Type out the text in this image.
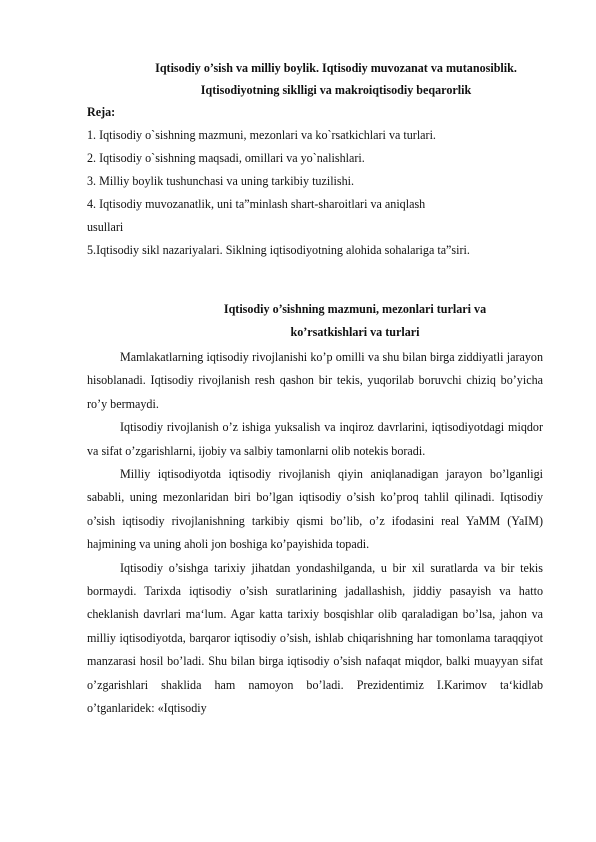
Iqtisodiy o’sish va milliy boylik. Iqtisodiy muvozanat va mutanosiblik.
Iqtisodiyotning siklligi va makroiqtisodiy beqarorlik
Reja:
1. Iqtisodiy o`sishning mazmuni, mezonlari va ko`rsatkichlari va turlari.
2. Iqtisodiy o`sishning maqsadi, omillari va yo`nalishlari.
3. Milliy boylik tushunchasi va uning tarkibiy tuzilishi.
4. Iqtisodiy muvozanatlik, uni ta”minlash shart-sharoitlari va aniqlash
usullari
5.Iqtisodiy sikl nazariyalari. Siklning iqtisodiyotning alohida sohalariga ta”siri.
Iqtisodiy o’sishning mazmuni, mezonlari turlari va
ko’rsatkishlari va turlari

Mamlakatlarning iqtisodiy rivojlanishi ko’p omilli va shu bilan birga ziddiyatli jarayon hisoblanadi. Iqtisodiy rivojlanish resh qashon bir tekis, yuqorilab boruvchi chiziq bo’yicha ro’y bermaydi.

Iqtisodiy rivojlanish o’z ishiga yuksalish va inqiroz davrlarini, iqtisodiyotdagi miqdor va sifat o’zgarishlarni, ijobiy va salbiy tamonlarni olib notekis boradi.

Milliy iqtisodiyotda iqtisodiy rivojlanish qiyin aniqlanadigan jarayon bo’lganligi sababli, uning mezonlaridan biri bo’lgan iqtisodiy o’sish ko’proq tahlil qilinadi. Iqtisodiy o’sish iqtisodiy rivojlanishning tarkibiy qismi bo’lib, o’z ifodasini real YaMM (YaIM) hajmining va uning aholi jon boshiga ko’payishida topadi.

Iqtisodiy o’sishga tarixiy jihatdan yondashilganda, u bir xil suratlarda va bir tekis bormaydi. Tarixda iqtisodiy o’sish suratlarining jadallashish, jiddiy pasayish va hatto cheklanish davrlari ma‘lum. Agar katta tarixiy bosqishlar olib qaraladigan bo’lsa, jahon va milliy iqtisodiyotda, barqaror iqtisodiy o’sish, ishlab chiqarishning har tomonlama taraqqiyot manzarasi hosil bo’ladi. Shu bilan birga iqtisodiy o’sish nafaqat miqdor, balki muayyan sifat o’zgarishlari shaklida ham namoyon bo’ladi. Prezidentimiz I.Karimov ta‘kidlab o’tganlaridek: «Iqtisodiy
